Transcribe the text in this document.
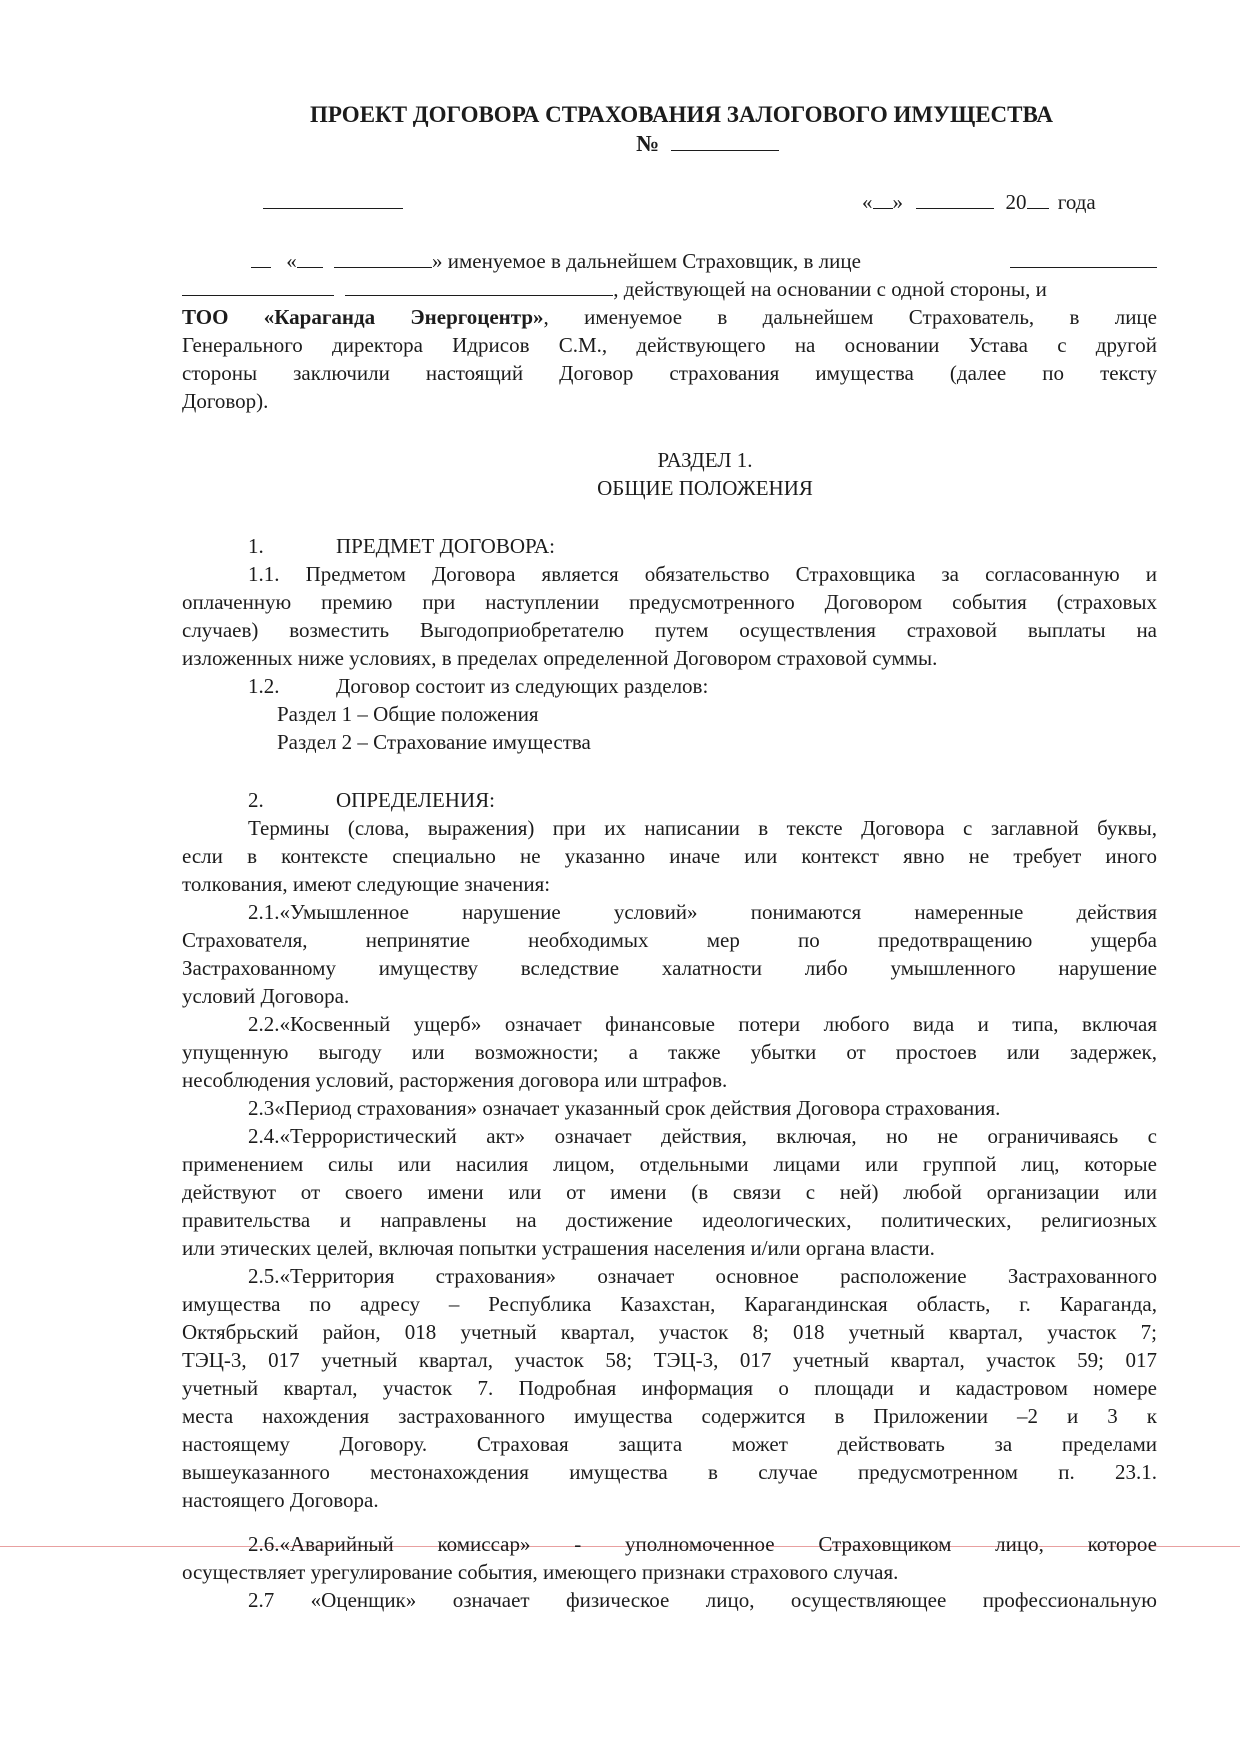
ПРОЕКТ ДОГОВОРА СТРАХОВАНИЯ ЗАЛОГОВОГО ИМУЩЕСТВА
№
« »	20 года
«	» именуемое в дальнейшем Страховщик, в лице
, действующей на основании с одной стороны, и
ТОО «Караганда Энергоцентр», именуемое в дальнейшем Страхователь, в лице
Генерального директора Идрисов С.М., действующего на основании Устава с другой
стороны заключили настоящий Договор страхования имущества (далее по тексту
Договор).
РАЗДЕЛ 1.
ОБЩИЕ ПОЛОЖЕНИЯ
1.	ПРЕДМЕТ ДОГОВОРА:
1.1. Предметом Договора является обязательство Страховщика за согласованную и
оплаченную премию при наступлении предусмотренного Договором события (страховых
случаев) возместить Выгодоприобретателю путем осуществления страховой выплаты на
изложенных ниже условиях, в пределах определенной Договором страховой суммы.
1.2.	Договор состоит из следующих разделов:
Раздел 1 – Общие положения
Раздел 2 – Страхование имущества
2.	ОПРЕДЕЛЕНИЯ:
Термины (слова, выражения) при их написании в тексте Договора с заглавной буквы,
если в контексте специально не указанно иначе или контекст явно не требует иного
толкования, имеют следующие значения:
2.1.«Умышленное нарушение условий» понимаются намеренные действия
Страхователя, непринятие необходимых мер по предотвращению ущерба
Застрахованному имуществу вследствие халатности либо умышленного нарушение
условий Договора.
2.2.«Косвенный ущерб» означает финансовые потери любого вида и типа, включая
упущенную выгоду или возможности; а также убытки от простоев или задержек,
несоблюдения условий, расторжения договора или штрафов.
2.3«Период страхования» означает указанный срок действия Договора страхования.
2.4.«Террористический акт» означает действия, включая, но не ограничиваясь с
применением силы или насилия лицом, отдельными лицами или группой лиц, которые
действуют от своего имени или от имени (в связи с ней) любой организации или
правительства и направлены на достижение идеологических, политических, религиозных
или этических целей, включая попытки устрашения населения и/или органа власти.
2.5.«Территория страхования» означает основное расположение Застрахованного
имущества по адресу – Республика Казахстан, Карагандинская область, г. Караганда,
Октябрьский район, 018 учетный квартал, участок 8; 018 учетный квартал, участок 7;
ТЭЦ-3, 017 учетный квартал, участок 58; ТЭЦ-3, 017 учетный квартал, участок 59; 017
учетный квартал, участок 7. Подробная информация о площади и кадастровом номере
места нахождения застрахованного имущества содержится в Приложении –2 и 3 к
настоящему Договору. Страховая защита может действовать за пределами
вышеуказанного местонахождения имущества в случае предусмотренном п. 23.1.
настоящего Договора.
2.6.«Аварийный комиссар» - уполномоченное Страховщиком лицо, которое
осуществляет урегулирование события, имеющего признаки страхового случая.
2.7 «Оценщик» означает физическое лицо, осуществляющее профессиональную
